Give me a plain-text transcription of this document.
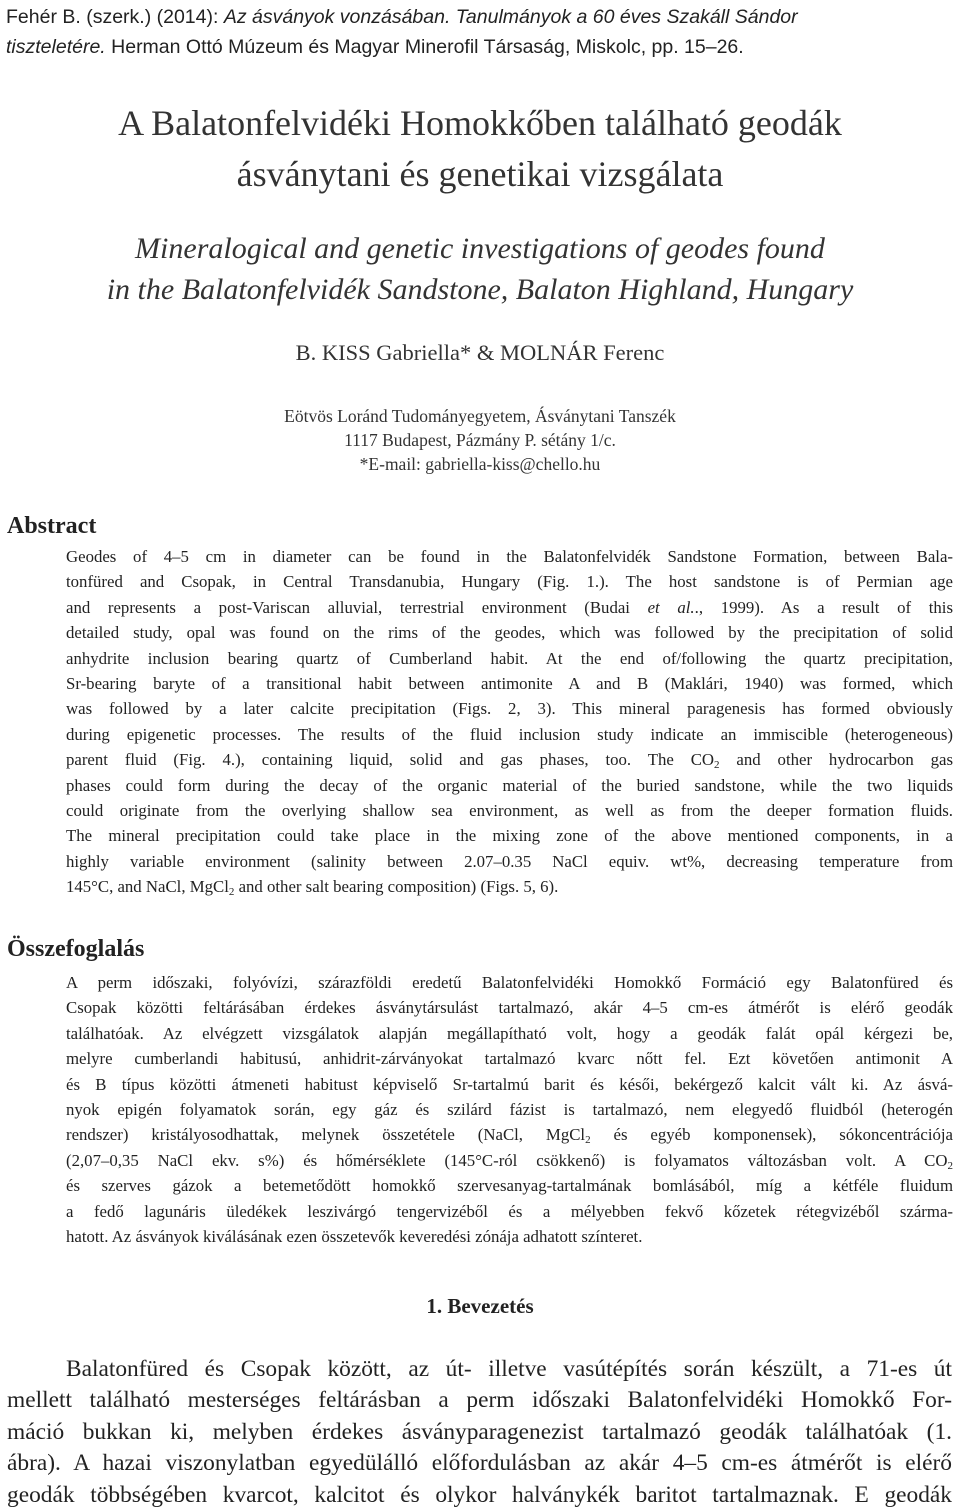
Fehér B. (szerk.) (2014): Az ásványok vonzásában. Tanulmányok a 60 éves Szakáll Sándor
tiszteletére. Herman Ottó Múzeum és Magyar Minerofil Társaság, Miskolc, pp. 15–26.
A Balatonfelvidéki Homokkőben található geodák
ásványtani és genetikai vizsgálata
Mineralogical and genetic investigations of geodes found
in the Balatonfelvidék Sandstone, Balaton Highland, Hungary
B. KISS Gabriella* & MOLNÁR Ferenc
Eötvös Loránd Tudományegyetem, Ásványtani Tanszék
1117 Budapest, Pázmány P. sétány 1/c.
*E-mail: gabriella-kiss@chello.hu
Abstract
Geodes of 4–5 cm in diameter can be found in the Balatonfelvidék Sandstone Formation, between Bala-
tonfüred and Csopak, in Central Transdanubia, Hungary (Fig. 1.). The host sandstone is of Permian age
and represents a post-Variscan alluvial, terrestrial environment (Budai et al.., 1999). As a result of this
detailed study, opal was found on the rims of the geodes, which was followed by the precipitation of solid
anhydrite inclusion bearing quartz of Cumberland habit. At the end of/following the quartz precipitation,
Sr-bearing baryte of a transitional habit between antimonite A and B (Maklári, 1940) was formed, which
was followed by a later calcite precipitation (Figs. 2, 3). This mineral paragenesis has formed obviously
during epigenetic processes. The results of the fluid inclusion study indicate an immiscible (heterogeneous)
parent fluid (Fig. 4.), containing liquid, solid and gas phases, too. The $CO_2$ and other hydrocarbon gas
phases could form during the decay of the organic material of the buried sandstone, while the two liquids
could originate from the overlying shallow sea environment, as well as from the deeper formation fluids.
The mineral precipitation could take place in the mixing zone of the above mentioned components, in a
highly variable environment (salinity between 2.07–0.35 NaCl equiv. wt%, decreasing temperature from
145°C, and NaCl, MgCl$_2$ and other salt bearing composition) (Figs. 5, 6).
Összefoglalás
A perm időszaki, folyóvízi, szárazföldi eredetű Balatonfelvidéki Homokkő Formáció egy Balatonfüred és
Csopak közötti feltárásában érdekes ásványtársulást tartalmazó, akár 4–5 cm-es átmérőt is elérő geodák
találhatóak. Az elvégzett vizsgálatok alapján megállapítható volt, hogy a geodák falát opál kérgezi be,
melyre cumberlandi habitusú, anhidrit-zárványokat tartalmazó kvarc nőtt fel. Ezt követően antimonit A
és B típus közötti átmeneti habitust képviselő Sr-tartalmú barit és késői, bekérgező kalcit vált ki. Az ásvá-
nyok epigén folyamatok során, egy gáz és szilárd fázist is tartalmazó, nem elegyedő fluidból (heterogén
rendszer) kristályosodhattak, melynek összetétele (NaCl, MgCl$_2$ és egyéb komponensek), sókoncentrációja
(2,07–0,35 NaCl ekv. s%) és hőmérséklete (145°C-ról csökkenő) is folyamatos változásban volt. A $CO_2$
és szerves gázok a betemetődött homokkő szervesanyag-tartalmának bomlásából, míg a kétféle fluidum
a fedő lagunáris üledékek leszivárgó tengervizéből és a mélyebben fekvő kőzetek rétegvizéből szárma-
hatott. Az ásványok kiválásának ezen összetevők keveredési zónája adhatott színteret.
1. Bevezetés
Balatonfüred és Csopak között, az út- illetve vasútépítés során készült, a 71-es út
mellett található mesterséges feltárásban a perm időszaki Balatonfelvidéki Homokkő For-
máció bukkan ki, melyben érdekes ásványparagenezist tartalmazó geodák találhatóak (1.
ábra). A hazai viszonylatban egyedülálló előfordulásban az akár 4–5 cm-es átmérőt is elérő
geodák többségében kvarcot, kalcitot és olykor halványkék baritot tartalmaznak. E geodák
